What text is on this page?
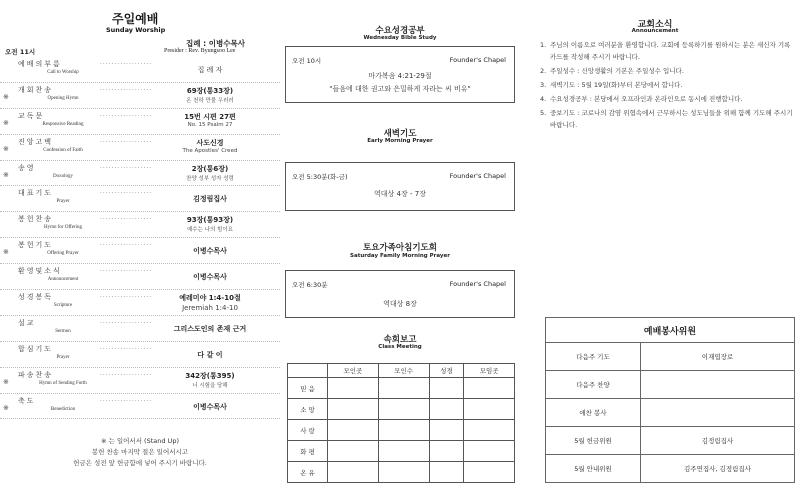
주일예배
Sunday Worship
집례 : 이병수목사
Presider : Rev. Byungsoo Lee
오전 11시
예배의부름
Call to Worship
··················
집 례 자
※
개회찬송
Opening Hymn
··················	69장(통33장)
온 천하 만물 우러러
※
교독문
Responsive Reading
··················	15번 시편 27편
No. 15 Psalm 27
※
진앙고백
Confession of Faith
··················	사도신경
The Apostles' Creed
※
송영
Doxology
··················	2장(통6장)
찬양 성부 성자 성령
대표기도
Prayer
··················
김정림집사
봉헌찬송
Hymn for Offering
··················	93장(통93장)
예수는 나의 힘이요
※
봉헌기도
Offering Prayer
··················
이병수목사
환영및소식
Announcement
··················
이병수목사
성경봉독
Scripture
··················	예레미야 1:4-10절
Jeremiah 1:4-10
설교
Sermon
··················
그리스도인의 존재 근거
합심기도
Prayer
··················
다 같 이
※
파송찬송
Hymn of Sending Forth
··················	342장(통395)
너 시험을 당해
※
축도
Benediction
··················
이병수목사
※ 는 일어서서 (Stand Up)
봉헌 찬송 마지막 절은 일어서시고
헌금은 성전 앞 헌금함에 넣어 주시기 바랍니다.
수요성경공부
Wednesday Bible Study
오전 10시	Founder's Chapel
마가복음 4:21-29절
"들음에 대한 권고와 은밀하게 자라는 씨 비유"
새벽기도
Early Morning Prayer
오전 5:30분(화-금)	Founder's Chapel
역대상 4장 - 7장
토요가족아침기도회
Saturday Family Morning Prayer
오전 6:30분	Founder's Chapel
역대상 8장
속회보고
Class Meeting
	모인곳	모인수	성경	모임곳
믿 음				
소 망				
사 랑				
화 평				
온 유				
교회소식
Announcement
1. 주님의 이름으로 여러분을 환영합니다. 교회에 등록하기를 원하시는 분은 새신자 기록카드를 작성해 주시기 바랍니다.
2. 주일성수 : 신앙생활의 기본은 주일성수 입니다.
3. 새벽기도 : 5월 19일(화)부터 본당에서 합니다.
4. 수요성경공부 : 본당에서 오프라인과 온라인으로 동시에 진행합니다.
5. 중보기도 : 코로나의 감염 위협속에서 근무하시는 성도님들을 위해 함께 기도해 주시기 바랍니다.
예배봉사위원	
다음주 기도	이재엽장로
다음주 찬양	
애찬 봉사	
5월 헌금위원	김정림집사
5월 안내위원	김주연집사, 김정림집사
